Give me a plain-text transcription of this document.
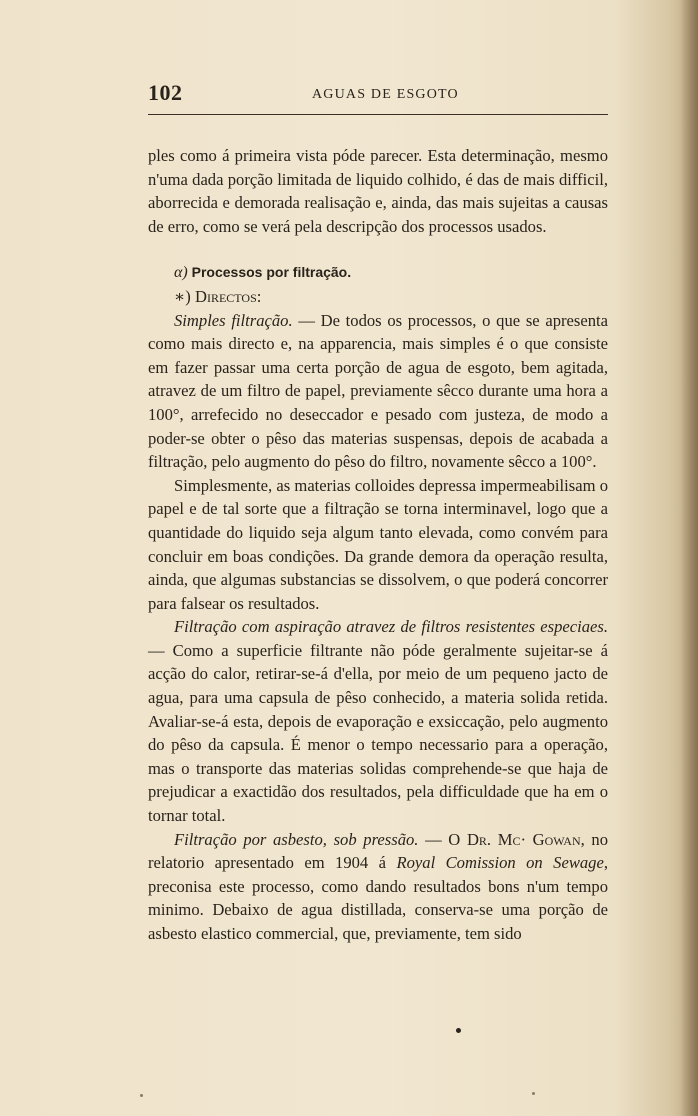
102	AGUAS DE ESGOTO

ples como á primeira vista póde parecer. Esta determinação, mesmo n'uma dada porção limitada de liquido colhido, é das de mais difficil, aborrecida e demorada realisação e, ainda, das mais sujeitas a causas de erro, como se verá pela descripção dos processos usados.

α) Processos por filtração.

∗) Directos:

Simples filtração. — De todos os processos, o que se apresenta como mais directo e, na apparencia, mais simples é o que consiste em fazer passar uma certa porção de agua de esgoto, bem agitada, atravez de um filtro de papel, previamente sêcco durante uma hora a 100°, arrefecido no deseccador e pesado com justeza, de modo a poder-se obter o pêso das materias suspensas, depois de acabada a filtração, pelo augmento do pêso do filtro, novamente sêcco a 100°.

Simplesmente, as materias colloides depressa impermeabilisam o papel e de tal sorte que a filtração se torna interminavel, logo que a quantidade do liquido seja algum tanto elevada, como convém para concluir em boas condições. Da grande demora da operação resulta, ainda, que algumas substancias se dissolvem, o que poderá concorrer para falsear os resultados.

Filtração com aspiração atravez de filtros resistentes especiaes. — Como a superficie filtrante não póde geralmente sujeitar-se á acção do calor, retirar-se-á d'ella, por meio de um pequeno jacto de agua, para uma capsula de pêso conhecido, a materia solida retida. Avaliar-se-á esta, depois de evaporação e exsiccação, pelo augmento do pêso da capsula. É menor o tempo necessario para a operação, mas o transporte das materias solidas comprehende-se que haja de prejudicar a exactidão dos resultados, pela difficuldade que ha em o tornar total.

Filtração por asbesto, sob pressão. — O Dr. Mc· Gowan, no relatorio apresentado em 1904 á Royal Comission on Sewage, preconisa este processo, como dando resultados bons n'um tempo minimo. Debaixo de agua distillada, conserva-se uma porção de asbesto elastico commercial, que, previamente, tem sido
